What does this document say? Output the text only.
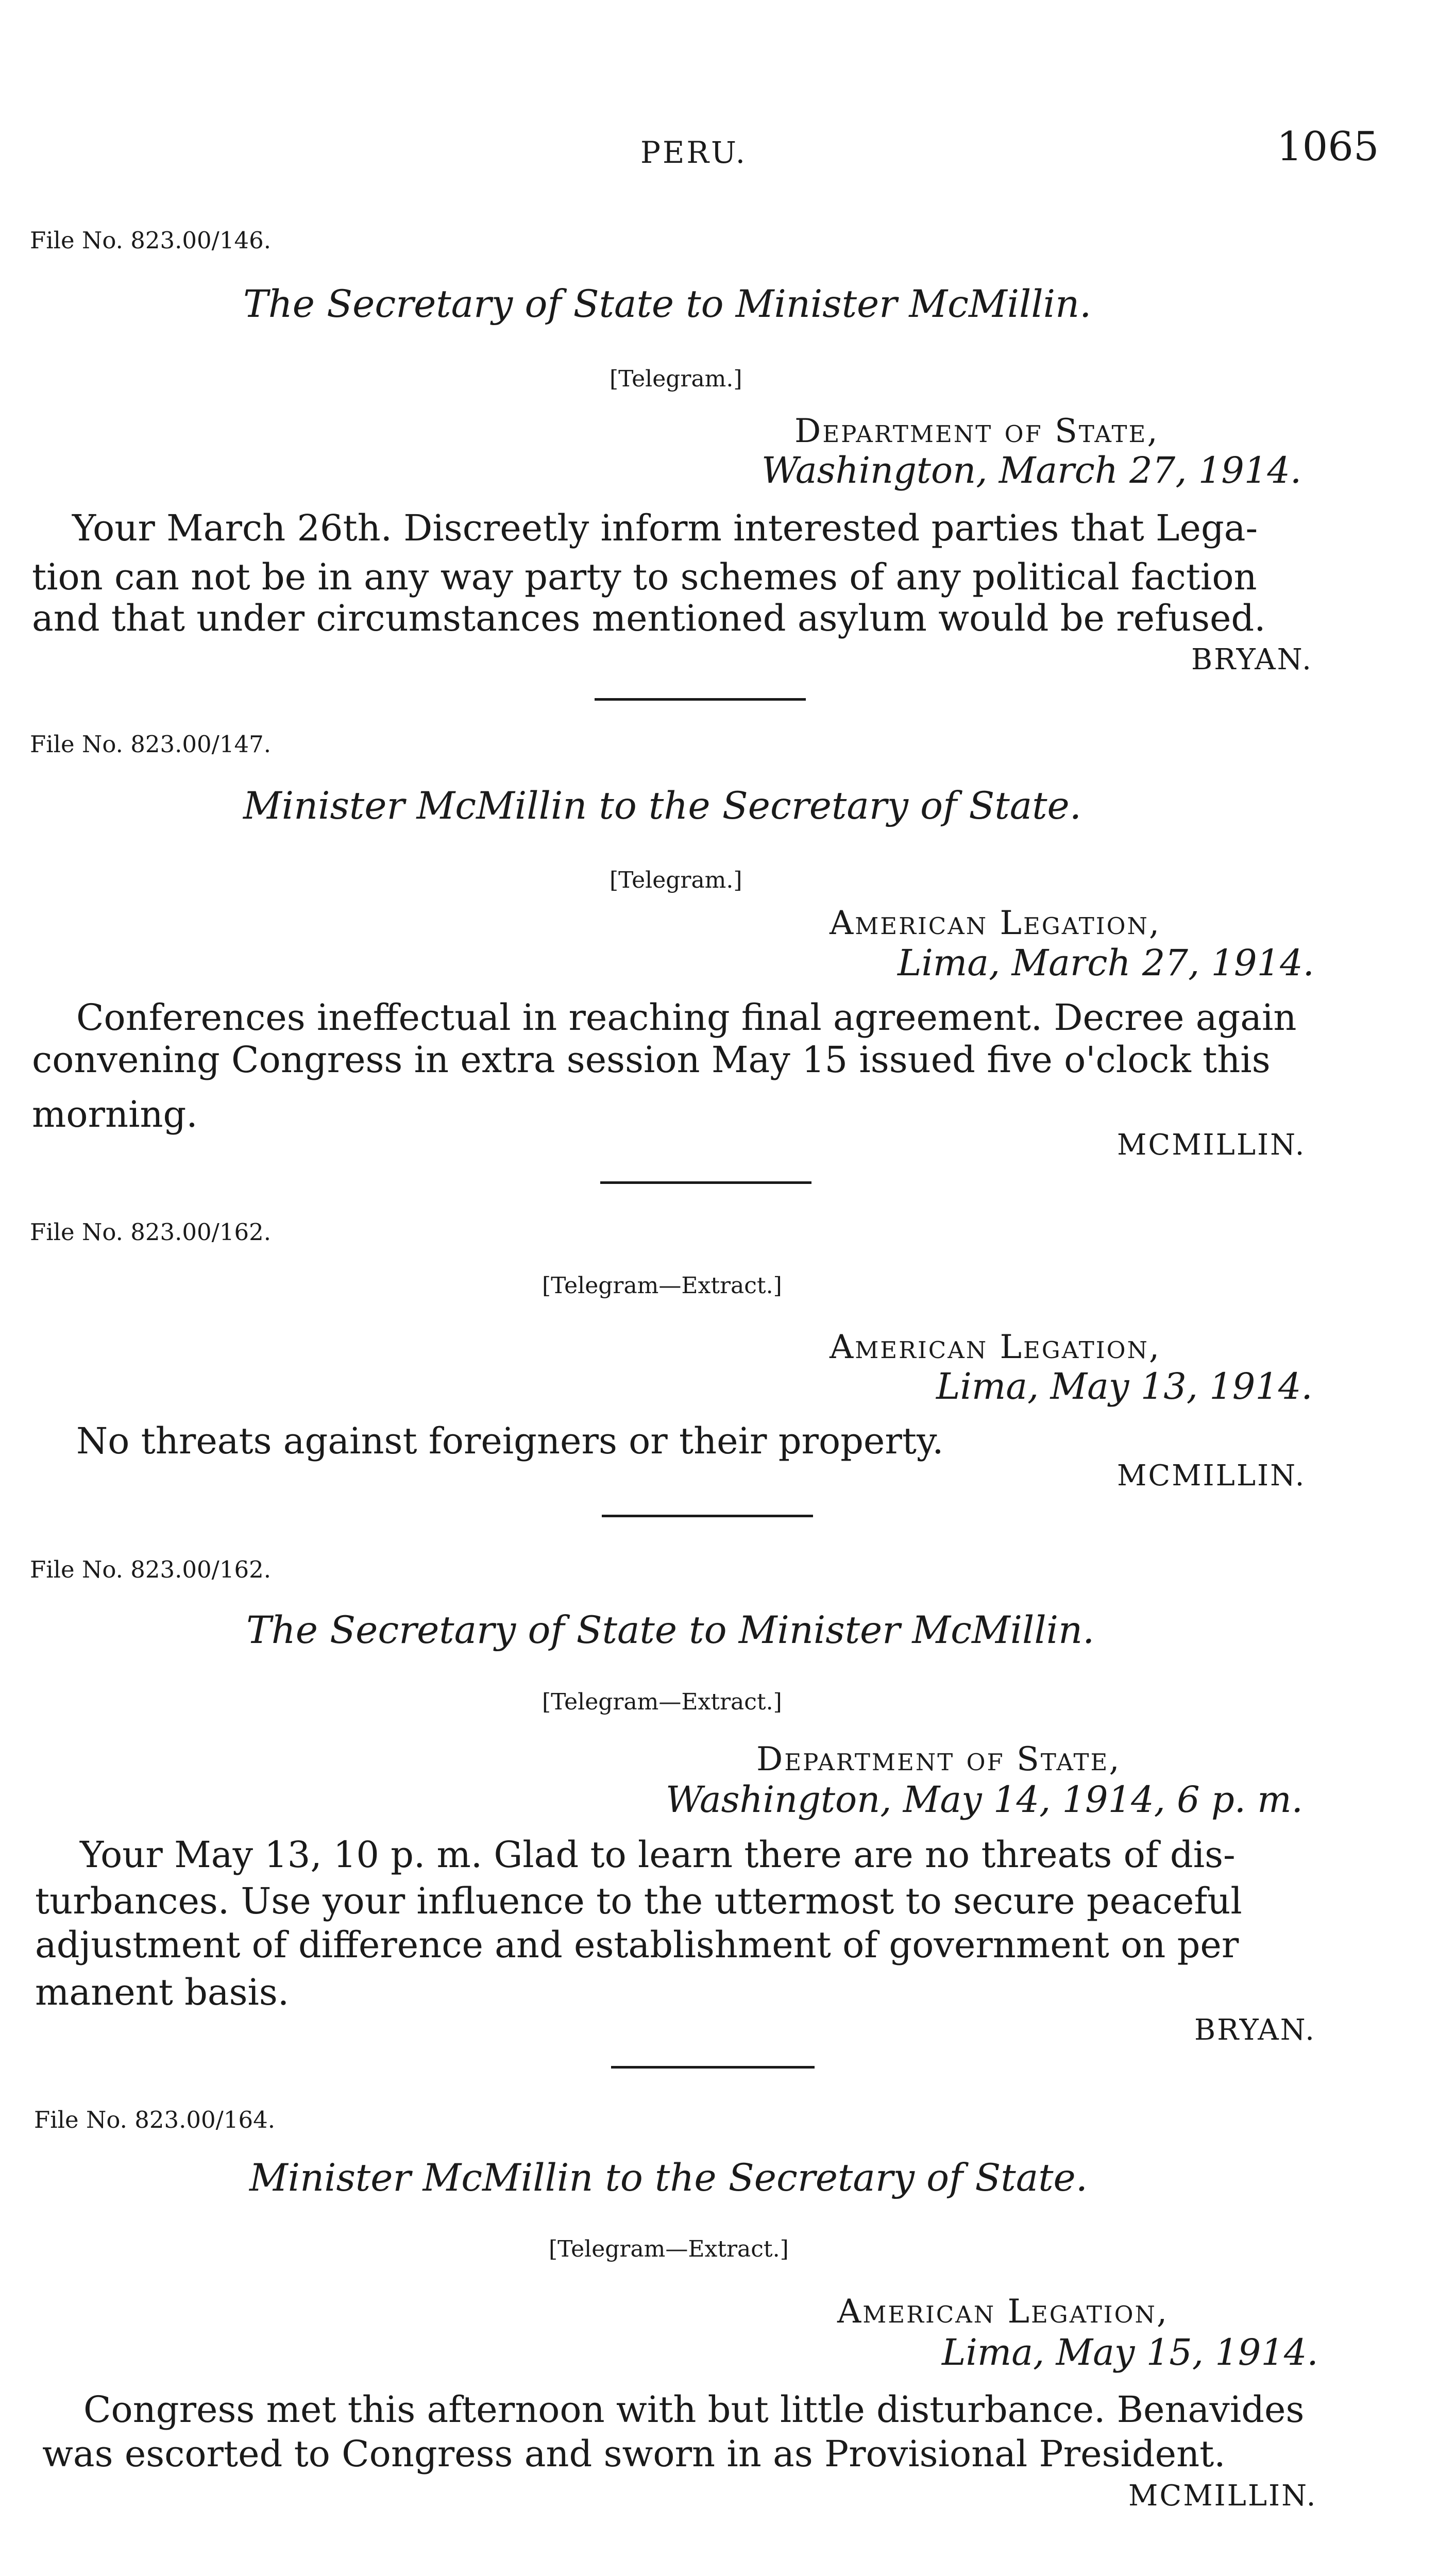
PERU.	1065
File No. 823.00/146.
The Secretary of State to Minister McMillin.
[Telegram.]
Department of State,
Washington, March 27, 1914.
Your March 26th. Discreetly inform interested parties that Lega-
tion can not be in any way party to schemes of any political faction
and that under circumstances mentioned asylum would be refused.
BRYAN.
File No. 823.00/147.
Minister McMillin to the Secretary of State.
[Telegram.]
American Legation,
Lima, March 27, 1914.
Conferences ineffectual in reaching final agreement. Decree again
convening Congress in extra session May 15 issued five o'clock this
morning.
MCMILLIN.
File No. 823.00/162.
[Telegram—Extract.]
American Legation,
Lima, May 13, 1914.
No threats against foreigners or their property.
MCMILLIN.
File No. 823.00/162.
The Secretary of State to Minister McMillin.
[Telegram—Extract.]
Department of State,
Washington, May 14, 1914, 6 p. m.
Your May 13, 10 p. m. Glad to learn there are no threats of dis-
turbances. Use your influence to the uttermost to secure peaceful
adjustment of difference and establishment of government on per
manent basis.
BRYAN.
File No. 823.00/164.
Minister McMillin to the Secretary of State.
[Telegram—Extract.]
American Legation,
Lima, May 15, 1914.
Congress met this afternoon with but little disturbance. Benavides
was escorted to Congress and sworn in as Provisional President.
MCMILLIN.
